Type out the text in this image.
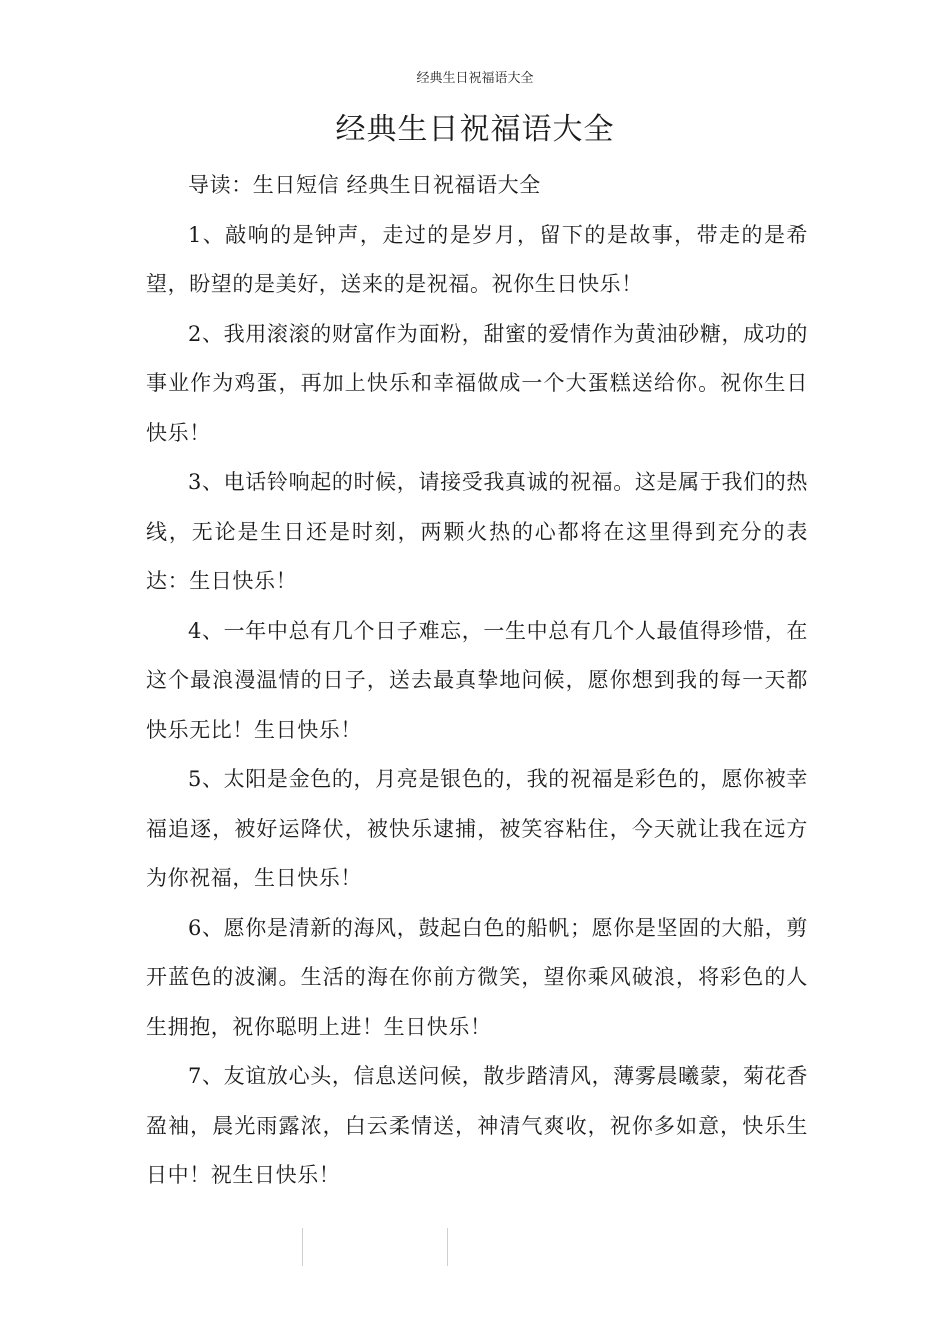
经典生日祝福语大全
经典生日祝福语大全

导读：生日短信 经典生日祝福语大全

1、敲响的是钟声，走过的是岁月，留下的是故事，带走的是希望，盼望的是美好，送来的是祝福。祝你生日快乐！

2、我用滚滚的财富作为面粉，甜蜜的爱情作为黄油砂糖，成功的事业作为鸡蛋，再加上快乐和幸福做成一个大蛋糕送给你。祝你生日快乐！

3、电话铃响起的时候，请接受我真诚的祝福。这是属于我们的热线，无论是生日还是时刻，两颗火热的心都将在这里得到充分的表达：生日快乐！

4、一年中总有几个日子难忘，一生中总有几个人最值得珍惜，在这个最浪漫温情的日子，送去最真挚地问候，愿你想到我的每一天都快乐无比！生日快乐！

5、太阳是金色的，月亮是银色的，我的祝福是彩色的，愿你被幸福追逐，被好运降伏，被快乐逮捕，被笑容粘住，今天就让我在远方为你祝福，生日快乐！

6、愿你是清新的海风，鼓起白色的船帆；愿你是坚固的大船，剪开蓝色的波澜。生活的海在你前方微笑，望你乘风破浪，将彩色的人生拥抱，祝你聪明上进！生日快乐！

7、友谊放心头，信息送问候，散步踏清风，薄雾晨曦蒙，菊花香盈袖，晨光雨露浓，白云柔情送，神清气爽收，祝你多如意，快乐生日中！祝生日快乐！
